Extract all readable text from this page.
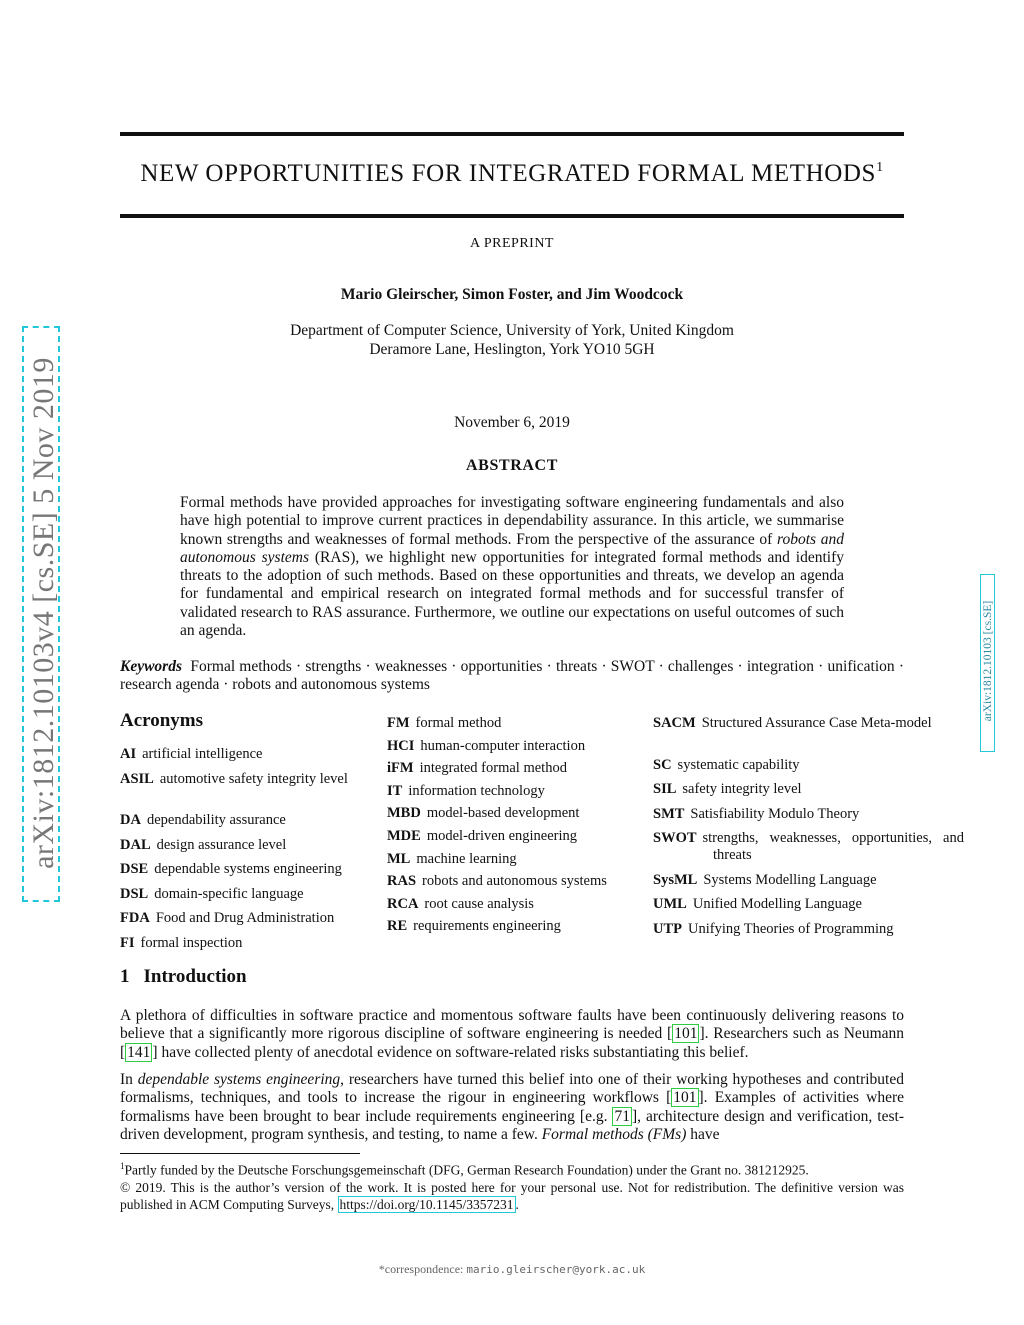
arXiv:1812.10103v4 [cs.SE] 5 Nov 2019	arXiv:1812.10103 [cs.SE]
NEW OPPORTUNITIES FOR INTEGRATED FORMAL METHODS$^1$
A PREPRINT
Mario Gleirscher, Simon Foster, and Jim Woodcock
Department of Computer Science, University of York, United Kingdom
Deramore Lane, Heslington, York YO10 5GH
November 6, 2019
ABSTRACT
Formal methods have provided approaches for investigating software engineering fundamentals and also have high potential to improve current practices in dependability assurance. In this article, we summarise known strengths and weaknesses of formal methods. From the perspective of the assurance of robots and autonomous systems (RAS), we highlight new opportunities for integrated formal methods and identify threats to the adoption of such methods. Based on these opportunities and threats, we develop an agenda for fundamental and empirical research on integrated formal methods and for successful transfer of validated research to RAS assurance. Furthermore, we outline our expectations on useful outcomes of such an agenda.
Keywords Formal methods · strengths · weaknesses · opportunities · threats · SWOT · challenges · integration · unification · research agenda · robots and autonomous systems
Acronyms
AI artificial intelligence
ASIL automotive safety integrity level
DA dependability assurance
DAL design assurance level
DSE dependable systems engineering
DSL domain-specific language
FDA Food and Drug Administration
FI formal inspection
FM formal method
HCI human-computer interaction
iFM integrated formal method
IT information technology
MBD model-based development
MDE model-driven engineering
ML machine learning
RAS robots and autonomous systems
RCA root cause analysis
RE requirements engineering
SACM Structured Assurance Case Meta-model
SC systematic capability
SIL safety integrity level
SMT Satisfiability Modulo Theory
SWOT strengths, weaknesses, opportunities, and threats
SysML Systems Modelling Language
UML Unified Modelling Language
UTP Unifying Theories of Programming
1 Introduction
A plethora of difficulties in software practice and momentous software faults have been continuously delivering reasons to believe that a significantly more rigorous discipline of software engineering is needed [ 101 ]. Researchers such as Neumann [ 141 ] have collected plenty of anecdotal evidence on software-related risks substantiating this belief.
In dependable systems engineering, researchers have turned this belief into one of their working hypotheses and contributed formalisms, techniques, and tools to increase the rigour in engineering workflows [ 101 ]. Examples of activities where formalisms have been brought to bear include requirements engineering [e.g. 71 ], architecture design and verification, test-driven development, program synthesis, and testing, to name a few. Formal methods (FMs) have
$^1$Partly funded by the Deutsche Forschungsgemeinschaft (DFG, German Research Foundation) under the Grant no. 381212925.
© 2019. This is the author’s version of the work. It is posted here for your personal use. Not for redistribution. The definitive version was published in ACM Computing Surveys, https://doi.org/10.1145/3357231 .
*correspondence: mario.gleirscher@york.ac.uk
